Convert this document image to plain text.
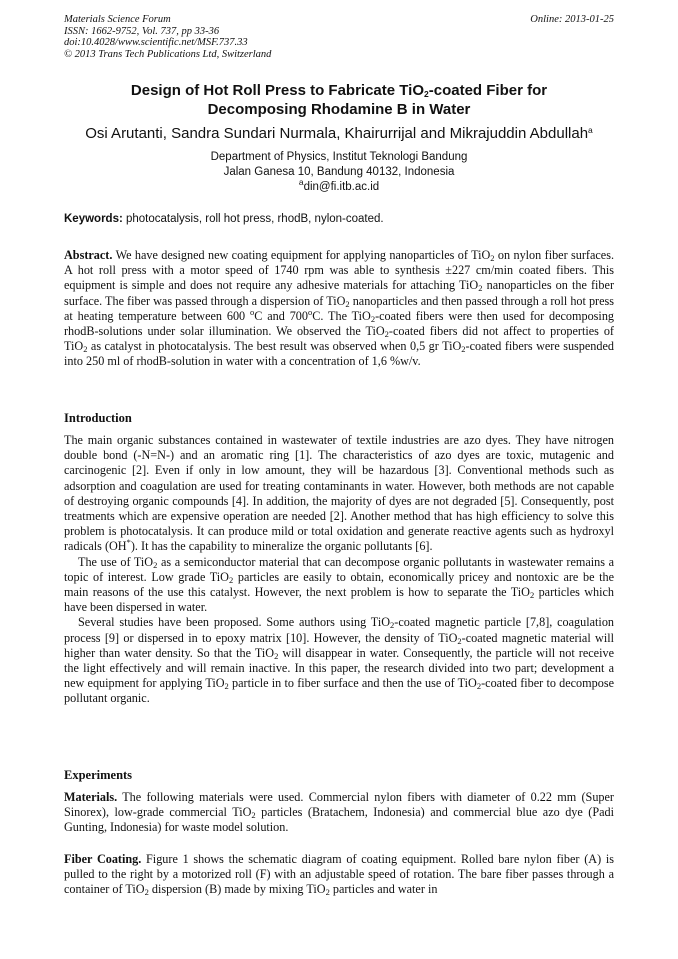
Materials Science Forum
ISSN: 1662-9752, Vol. 737, pp 33-36
doi:10.4028/www.scientific.net/MSF.737.33
© 2013 Trans Tech Publications Ltd, Switzerland
Online: 2013-01-25
Design of Hot Roll Press to Fabricate TiO$_2$-coated Fiber for
Decomposing Rhodamine B in Water
Osi Arutanti, Sandra Sundari Nurmala, Khairurrijal and Mikrajuddin Abdullah$^a$
Department of Physics, Institut Teknologi Bandung
Jalan Ganesa 10, Bandung 40132, Indonesia
$^a$din@fi.itb.ac.id
Keywords: photocatalysis, roll hot press, rhodB, nylon-coated.
Abstract. We have designed new coating equipment for applying nanoparticles of TiO$_2$ on nylon fiber surfaces. A hot roll press with a motor speed of 1740 rpm was able to synthesis ±227 cm/min coated fibers. This equipment is simple and does not require any adhesive materials for attaching TiO$_2$ nanoparticles on the fiber surface. The fiber was passed through a dispersion of TiO$_2$ nanoparticles and then passed through a roll hot press at heating temperature between 600 $^o$C and 700$^o$C. The TiO$_2$-coated fibers were then used for decomposing rhodB-solutions under solar illumination. We observed the TiO$_2$-coated fibers did not affect to properties of TiO$_2$ as catalyst in photocatalysis. The best result was observed when 0,5 gr TiO$_2$-coated fibers were suspended into 250 ml of rhodB-solution in water with a concentration of 1,6 %w/v.
Introduction
The main organic substances contained in wastewater of textile industries are azo dyes. They have nitrogen double bond (-N=N-) and an aromatic ring [1]. The characteristics of azo dyes are toxic, mutagenic and carcinogenic [2]. Even if only in low amount, they will be hazardous [3]. Conventional methods such as adsorption and coagulation are used for treating contaminants in water. However, both methods are not capable of destroying organic compounds [4]. In addition, the majority of dyes are not degraded [5]. Consequently, post treatments which are expensive operation are needed [2]. Another method that has high efficiency to solve this problem is photocatalysis. It can produce mild or total oxidation and generate reactive agents such as hydroxyl radicals (OH*). It has the capability to mineralize the organic pollutants [6].
The use of TiO$_2$ as a semiconductor material that can decompose organic pollutants in wastewater remains a topic of interest. Low grade TiO$_2$ particles are easily to obtain, economically pricey and nontoxic are be the main reasons of the use this catalyst. However, the next problem is how to separate the TiO$_2$ particles which have been dispersed in water.
Several studies have been proposed. Some authors using TiO$_2$-coated magnetic particle [7,8], coagulation process [9] or dispersed in to epoxy matrix [10]. However, the density of TiO$_2$-coated magnetic material will higher than water density. So that the TiO$_2$ will disappear in water. Consequently, the particle will not receive the light effectively and will remain inactive. In this paper, the research divided into two part; development a new equipment for applying TiO$_2$ particle in to fiber surface and then the use of TiO$_2$-coated fiber to decompose pollutant organic.
Experiments
Materials. The following materials were used. Commercial nylon fibers with diameter of 0.22 mm (Super Sinorex), low-grade commercial TiO$_2$ particles (Bratachem, Indonesia) and commercial blue azo dye (Padi Gunting, Indonesia) for waste model solution.
Fiber Coating. Figure 1 shows the schematic diagram of coating equipment. Rolled bare nylon fiber (A) is pulled to the right by a motorized roll (F) with an adjustable speed of rotation. The bare fiber passes through a container of TiO$_2$ dispersion (B) made by mixing TiO$_2$ particles and water in
